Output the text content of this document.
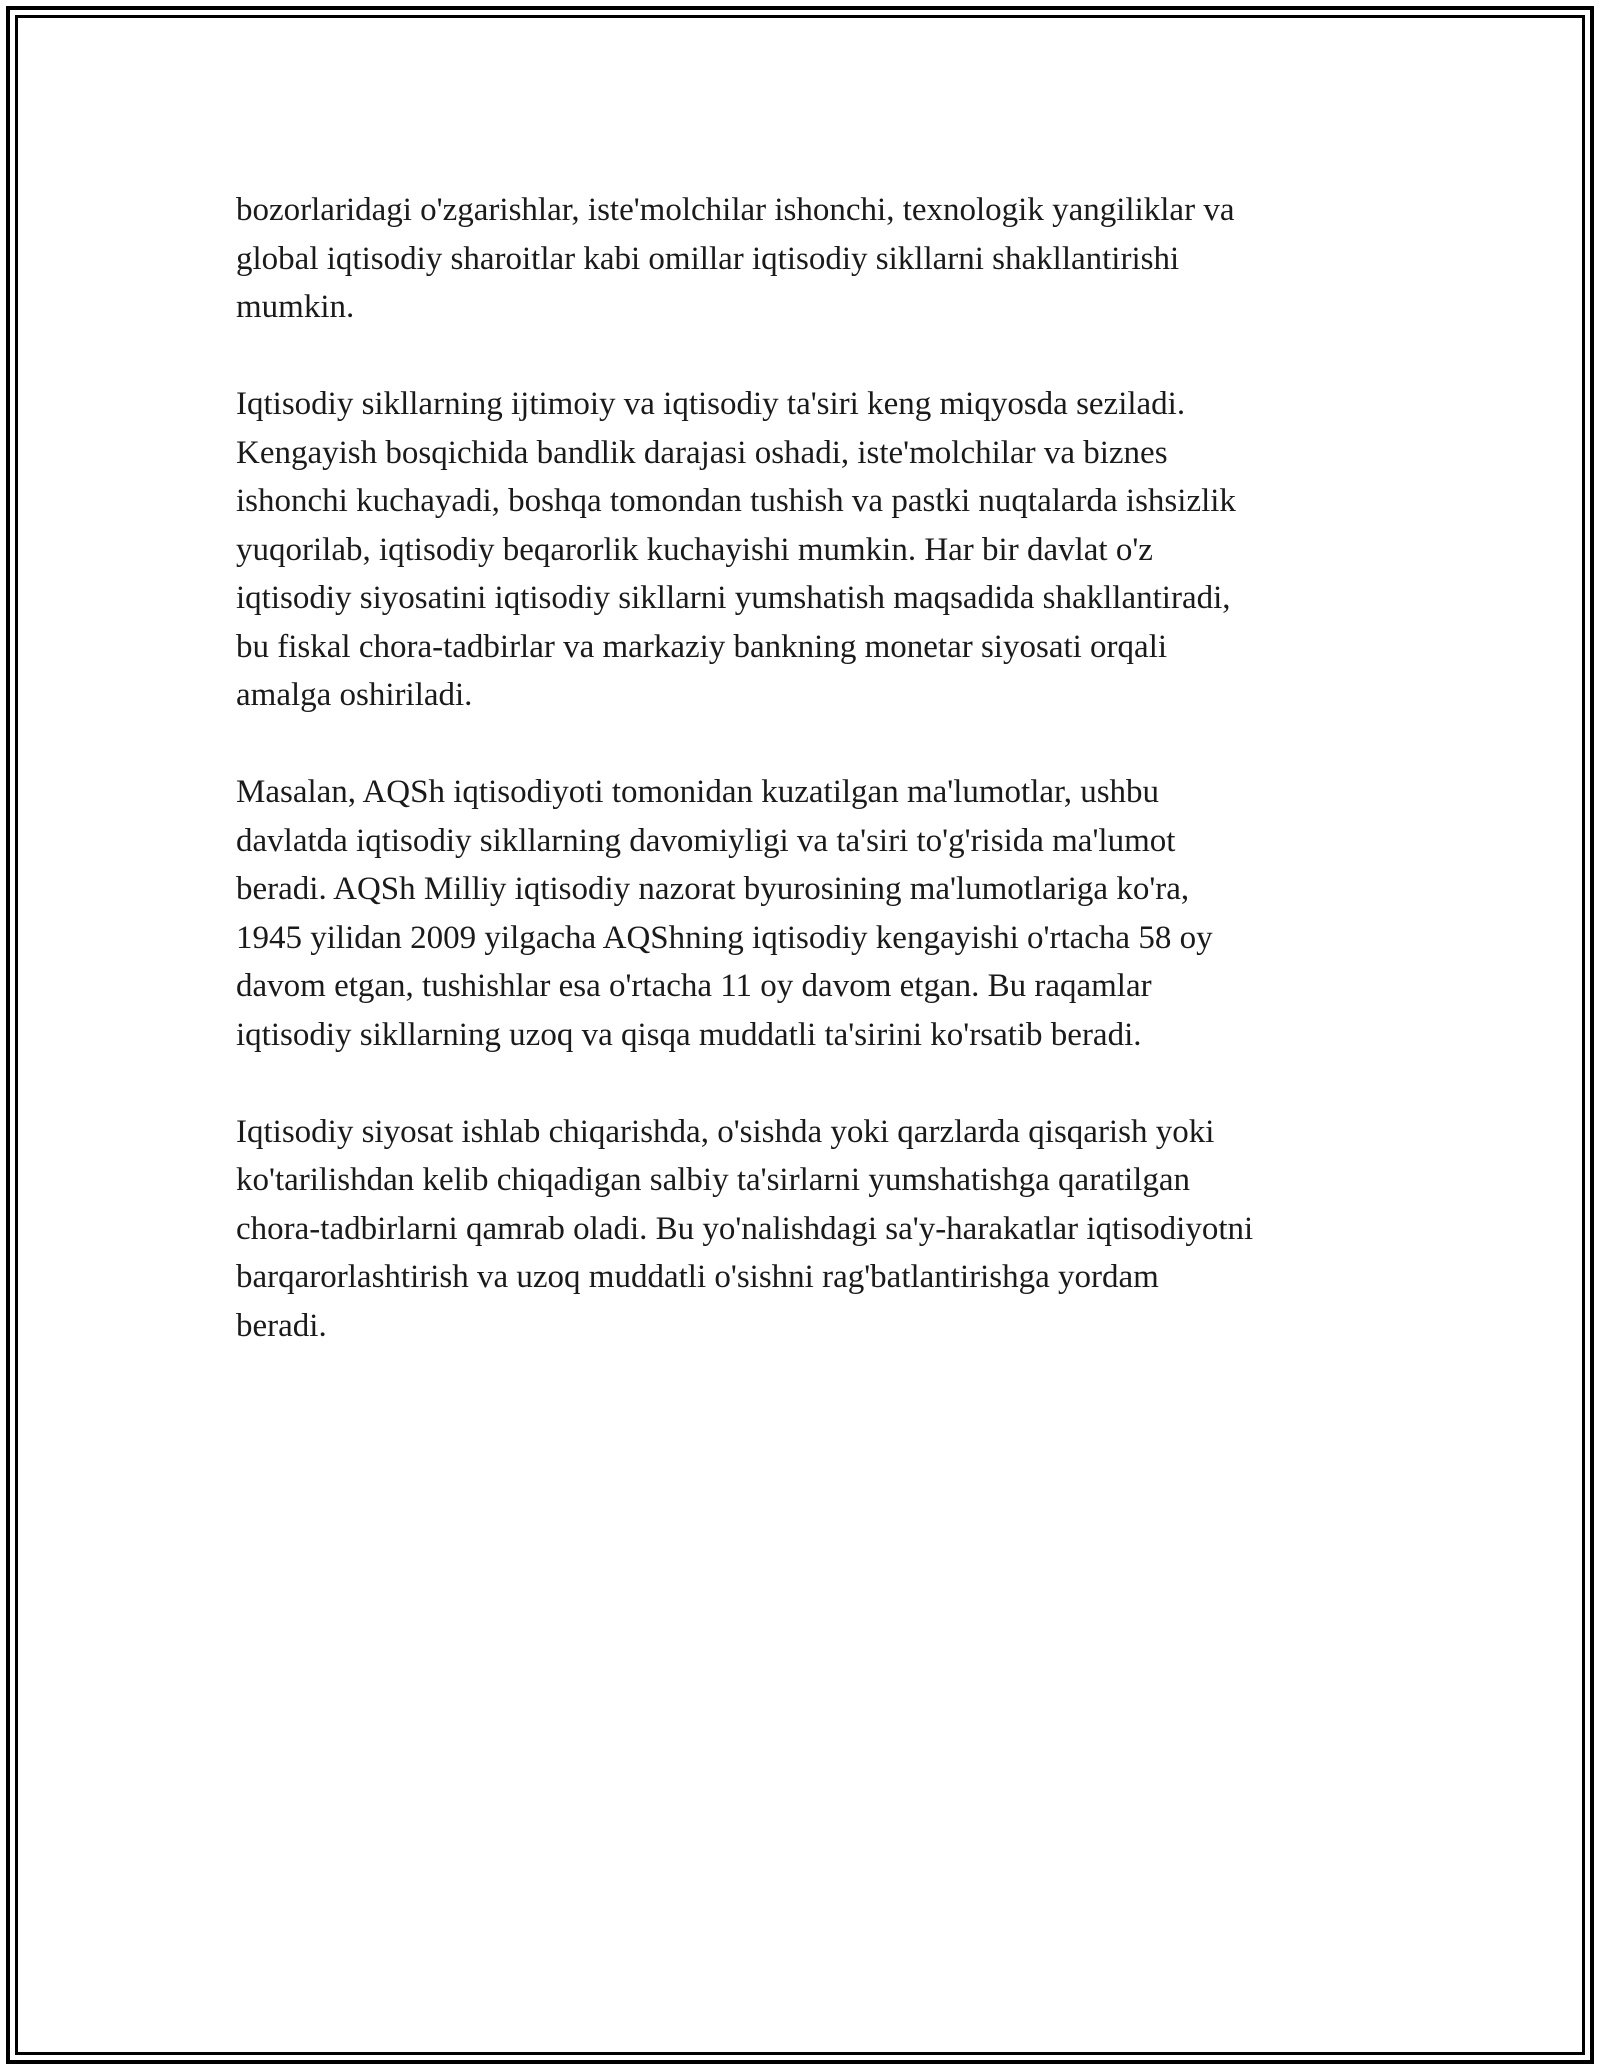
bozorlaridagi o'zgarishlar, iste'molchilar ishonchi, texnologik yangiliklar va
global iqtisodiy sharoitlar kabi omillar iqtisodiy sikllarni shakllantirishi
mumkin.

Iqtisodiy sikllarning ijtimoiy va iqtisodiy ta'siri keng miqyosda seziladi.
Kengayish bosqichida bandlik darajasi oshadi, iste'molchilar va biznes
ishonchi kuchayadi, boshqa tomondan tushish va pastki nuqtalarda ishsizlik
yuqorilab, iqtisodiy beqarorlik kuchayishi mumkin. Har bir davlat o'z
iqtisodiy siyosatini iqtisodiy sikllarni yumshatish maqsadida shakllantiradi,
bu fiskal chora-tadbirlar va markaziy bankning monetar siyosati orqali
amalga oshiriladi.

Masalan, AQSh iqtisodiyoti tomonidan kuzatilgan ma'lumotlar, ushbu
davlatda iqtisodiy sikllarning davomiyligi va ta'siri to'g'risida ma'lumot
beradi. AQSh Milliy iqtisodiy nazorat byurosining ma'lumotlariga ko'ra,
1945 yilidan 2009 yilgacha AQShning iqtisodiy kengayishi o'rtacha 58 oy
davom etgan, tushishlar esa o'rtacha 11 oy davom etgan. Bu raqamlar
iqtisodiy sikllarning uzoq va qisqa muddatli ta'sirini ko'rsatib beradi.

Iqtisodiy siyosat ishlab chiqarishda, o'sishda yoki qarzlarda qisqarish yoki
ko'tarilishdan kelib chiqadigan salbiy ta'sirlarni yumshatishga qaratilgan
chora-tadbirlarni qamrab oladi. Bu yo'nalishdagi sa'y-harakatlar iqtisodiyotni
barqarorlashtirish va uzoq muddatli o'sishni rag'batlantirishga yordam
beradi.
